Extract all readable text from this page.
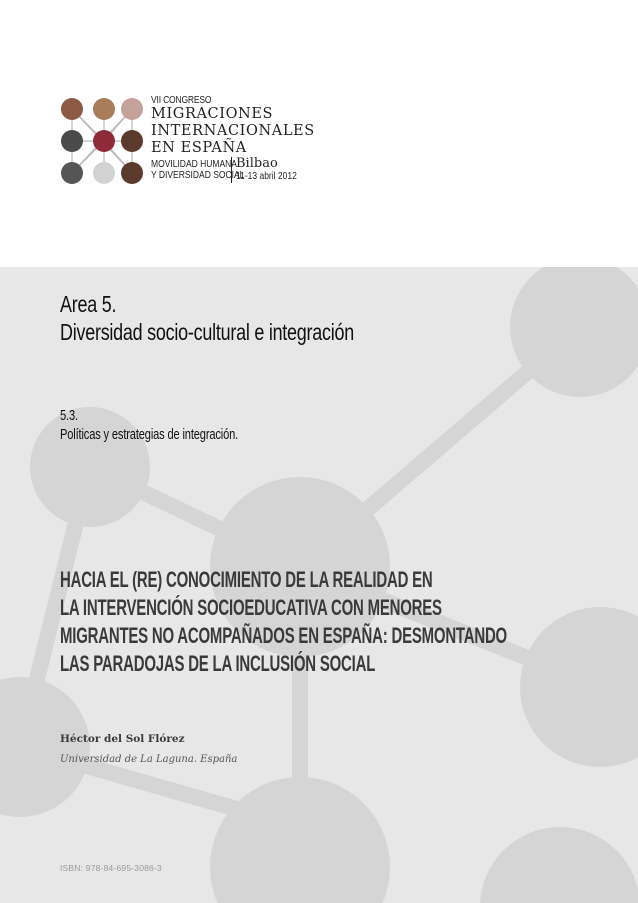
VII CONGRESO
MIGRACIONES
INTERNACIONALES
EN ESPAÑA
MOVILIDAD HUMANA
Y DIVERSIDAD SOCIAL
Bilbao
11-13 abril 2012
Area 5.
Diversidad socio-cultural e integración
5.3.
Políticas y estrategias de integración.
HACIA EL (RE) CONOCIMIENTO DE LA REALIDAD EN
LA INTERVENCIÓN SOCIOEDUCATIVA CON MENORES
MIGRANTES NO ACOMPAÑADOS EN ESPAÑA: DESMONTANDO
LAS PARADOJAS DE LA INCLUSIÓN SOCIAL
Héctor del Sol Flórez
Universidad de La Laguna. España
ISBN: 978-84-695-3086-3
